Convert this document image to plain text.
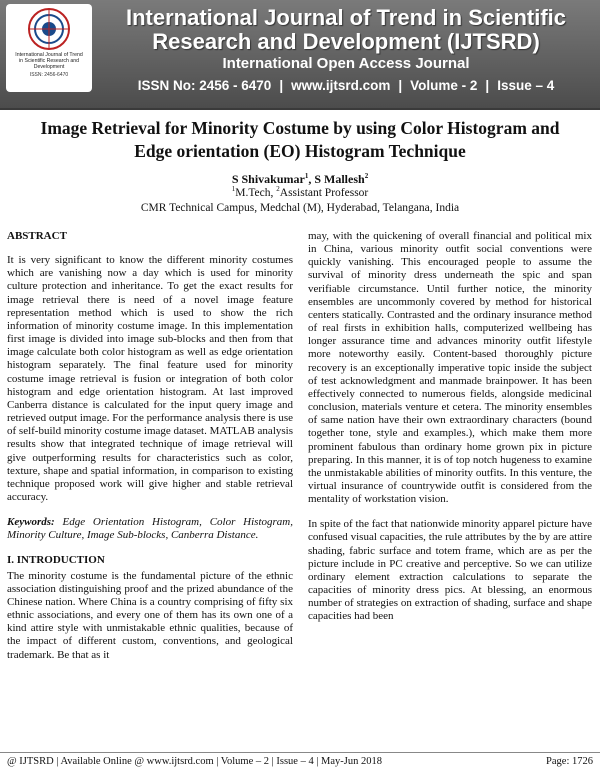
International Journal of Trend in Scientific Research and Development
ISSN: 2456-6470
International Journal of Trend in Scientific Research and Development (IJTSRD)
International Open Access Journal
ISSN No: 2456 - 6470 | www.ijtsrd.com | Volume - 2 | Issue – 4
Image Retrieval for Minority Costume by using Color Histogram and Edge orientation (EO) Histogram Technique
S Shivakumar$^1$, S Mallesh$^2$
$^1$M.Tech, $^2$Assistant Professor
CMR Technical Campus, Medchal (M), Hyderabad, Telangana, India
ABSTRACT

It is very significant to know the different minority costumes which are vanishing now a day which is used for minority culture protection and inheritance. To get the exact results for image retrieval there is need of a novel image feature representation method which is used to show the rich information of minority costume image. In this implementation first image is divided into image sub-blocks and then from that image calculate both color histogram as well as edge orientation histogram separately. The final feature used for minority costume image retrieval is fusion or integration of both color histogram and edge orientation histogram. At last improved Canberra distance is calculated for the input query image and retrieved output image. For the performance analysis there is use of self-build minority costume image dataset. MATLAB analysis results show that integrated technique of image retrieval will give outperforming results for characteristics such as color, texture, shape and spatial information, in comparison to existing technique proposed work will give higher and stable retrieval accuracy.

Keywords: Edge Orientation Histogram, Color Histogram, Minority Culture, Image Sub-blocks, Canberra Distance.

I. INTRODUCTION

The minority costume is the fundamental picture of the ethnic association distinguishing proof and the prized abundance of the Chinese nation. Where China is a country comprising of fifty six ethnic associations, and every one of them has its own one of a kind attire style with unmistakable ethnic qualities, because of the impact of different custom, conventions, and geological trademark. Be that as it

may, with the quickening of overall financial and political mix in China, various minority outfit social conventions were quickly vanishing. This encouraged people to assume the survival of minority dress underneath the spic and span verifiable circumstance. Until further notice, the minority ensembles are uncommonly covered by method for historical centers statically. Contrasted and the ordinary insurance method of real firsts in exhibition halls, computerized wellbeing has longer assurance time and advances minority outfit lifestyle more noteworthy easily. Content-based thoroughly picture recovery is an exceptionally imperative topic inside the subject of test acknowledgment and manmade brainpower. It has been effectively connected to numerous fields, alongside medicinal conclusion, materials venture et cetera. The minority ensembles of same nation have their own extraordinary characters (bound together tone, style and examples.), which make them more prominent fabulous than ordinary home grown pix in picture preparing. In this manner, it is of top notch hugeness to examine the unmistakable abilities of minority outfits. In this venture, the virtual insurance of countrywide outfit is considered from the mentality of workstation vision.

In spite of the fact that nationwide minority apparel picture have confused visual capacities, the rule attributes by the by are attire shading, fabric surface and totem frame, which are as per the picture include in PC creative and perceptive. So we can utilize ordinary element extraction calculations to separate the capacities of minority dress pics. At blessing, an enormous number of strategies on extraction of shading, surface and shape capacities had been

@ IJTSRD | Available Online @ www.ijtsrd.com | Volume – 2 | Issue – 4 | May-Jun 2018	Page: 1726
